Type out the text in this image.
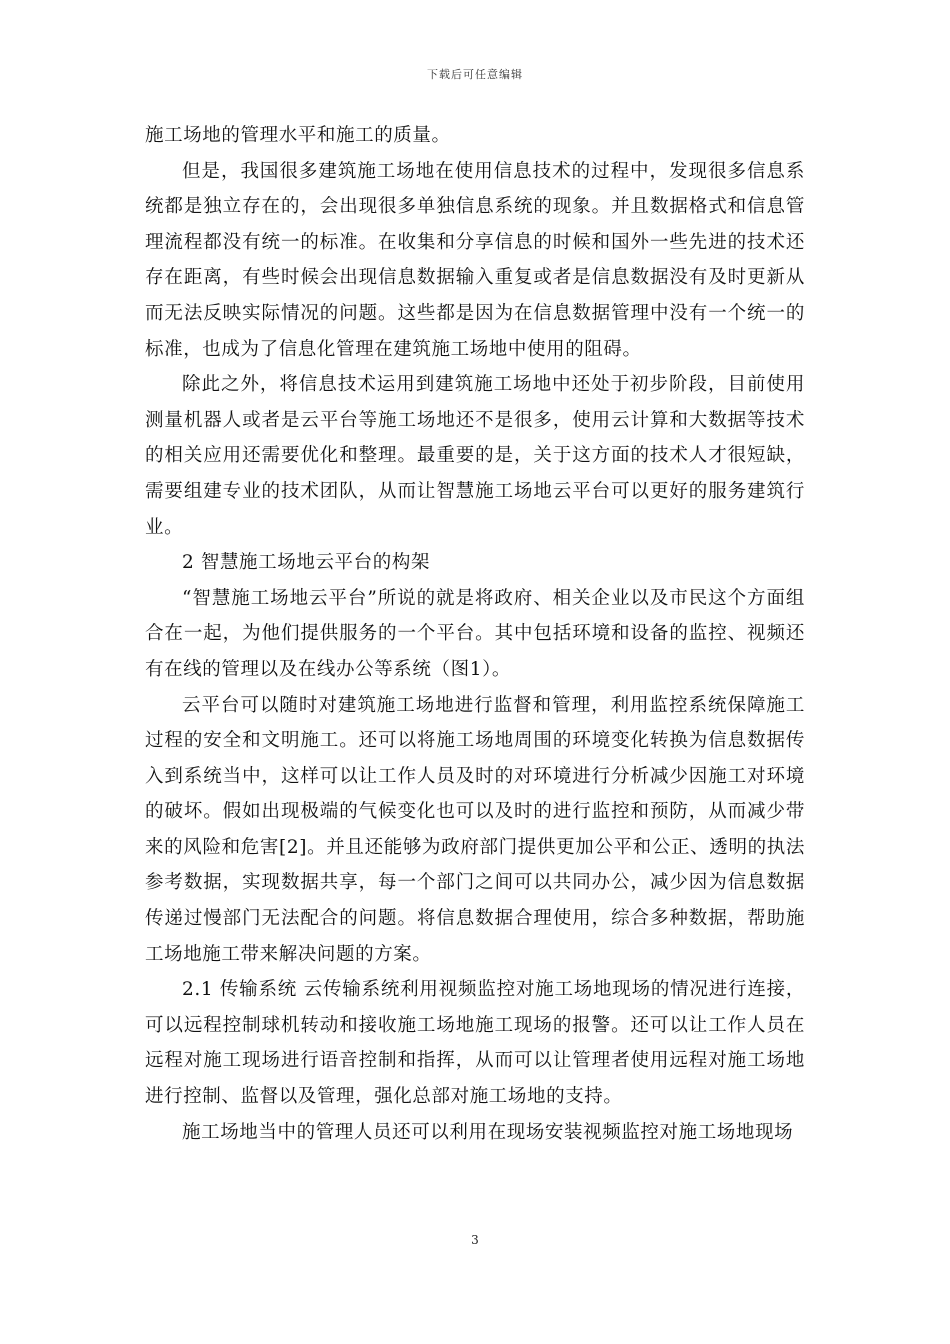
下载后可任意编辑

施工场地的管理水平和施工的质量。

但是，我国很多建筑施工场地在使用信息技术的过程中，发现很多信息系统都是独立存在的，会出现很多单独信息系统的现象。并且数据格式和信息管理流程都没有统一的标准。在收集和分享信息的时候和国外一些先进的技术还存在距离，有些时候会出现信息数据输入重复或者是信息数据没有及时更新从而无法反映实际情况的问题。这些都是因为在信息数据管理中没有一个统一的标准，也成为了信息化管理在建筑施工场地中使用的阻碍。

除此之外，将信息技术运用到建筑施工场地中还处于初步阶段，目前使用测量机器人或者是云平台等施工场地还不是很多，使用云计算和大数据等技术的相关应用还需要优化和整理。最重要的是，关于这方面的技术人才很短缺，需要组建专业的技术团队，从而让智慧施工场地云平台可以更好的服务建筑行业。

2 智慧施工场地云平台的构架

“智慧施工场地云平台”所说的就是将政府、相关企业以及市民这个方面组合在一起，为他们提供服务的一个平台。其中包括环境和设备的监控、视频还有在线的管理以及在线办公等系统（图1）。

云平台可以随时对建筑施工场地进行监督和管理，利用监控系统保障施工过程的安全和文明施工。还可以将施工场地周围的环境变化转换为信息数据传入到系统当中，这样可以让工作人员及时的对环境进行分析减少因施工对环境的破坏。假如出现极端的气候变化也可以及时的进行监控和预防，从而减少带来的风险和危害[2]。并且还能够为政府部门提供更加公平和公正、透明的执法参考数据，实现数据共享，每一个部门之间可以共同办公，减少因为信息数据传递过慢部门无法配合的问题。将信息数据合理使用，综合多种数据，帮助施工场地施工带来解决问题的方案。

2.1 传输系统 云传输系统利用视频监控对施工场地现场的情况进行连接，可以远程控制球机转动和接收施工场地施工现场的报警。还可以让工作人员在远程对施工现场进行语音控制和指挥，从而可以让管理者使用远程对施工场地进行控制、监督以及管理，强化总部对施工场地的支持。

施工场地当中的管理人员还可以利用在现场安装视频监控对施工场地现场

3
